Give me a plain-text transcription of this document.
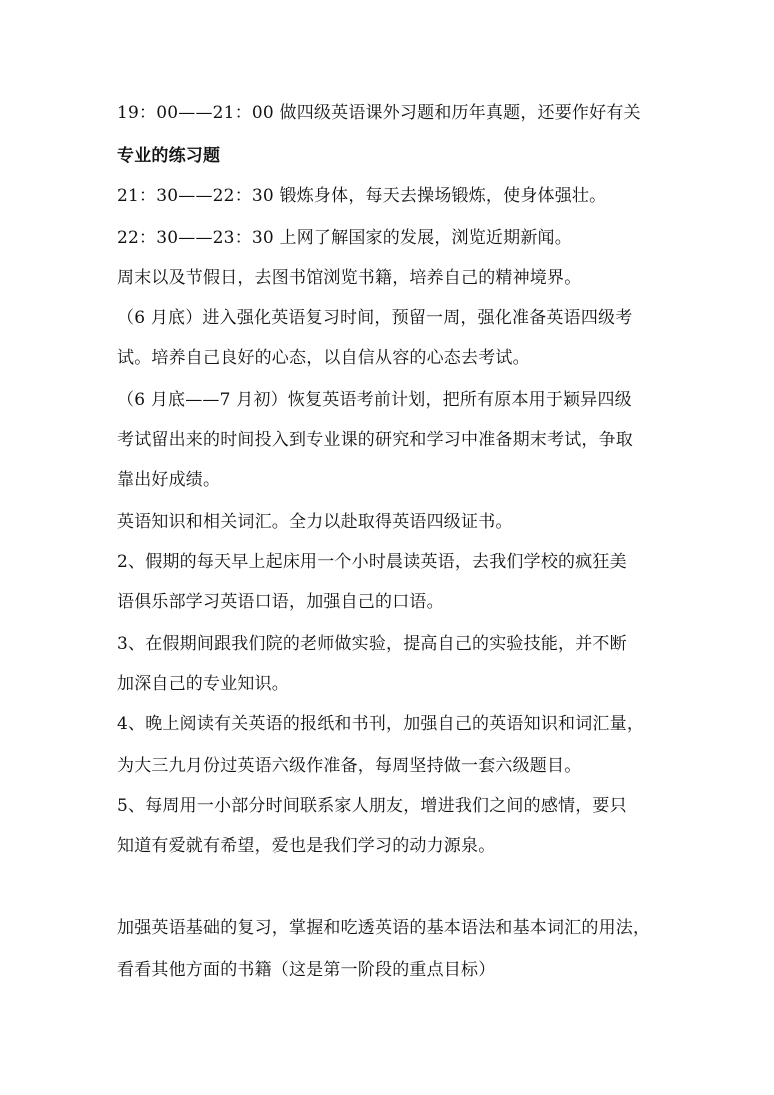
19：00——21：00 做四级英语课外习题和历年真题，还要作好有关
专业的练习题
21：30——22：30 锻炼身体，每天去操场锻炼，使身体强壮。
22：30——23：30 上网了解国家的发展，浏览近期新闻。
周末以及节假日，去图书馆浏览书籍，培养自己的精神境界。
（6 月底）进入强化英语复习时间，预留一周，强化准备英语四级考
试。培养自己良好的心态，以自信从容的心态去考试。
（6 月底——7 月初）恢复英语考前计划，把所有原本用于颖异四级
考试留出来的时间投入到专业课的研究和学习中准备期末考试，争取
靠出好成绩。
英语知识和相关词汇。全力以赴取得英语四级证书。
2、假期的每天早上起床用一个小时晨读英语，去我们学校的疯狂美
语俱乐部学习英语口语，加强自己的口语。
3、在假期间跟我们院的老师做实验，提高自己的实验技能，并不断
加深自己的专业知识。
4、晚上阅读有关英语的报纸和书刊，加强自己的英语知识和词汇量，
为大三九月份过英语六级作准备，每周坚持做一套六级题目。
5、每周用一小部分时间联系家人朋友，增进我们之间的感情，要只
知道有爱就有希望，爱也是我们学习的动力源泉。
加强英语基础的复习，掌握和吃透英语的基本语法和基本词汇的用法，
看看其他方面的书籍（这是第一阶段的重点目标）
